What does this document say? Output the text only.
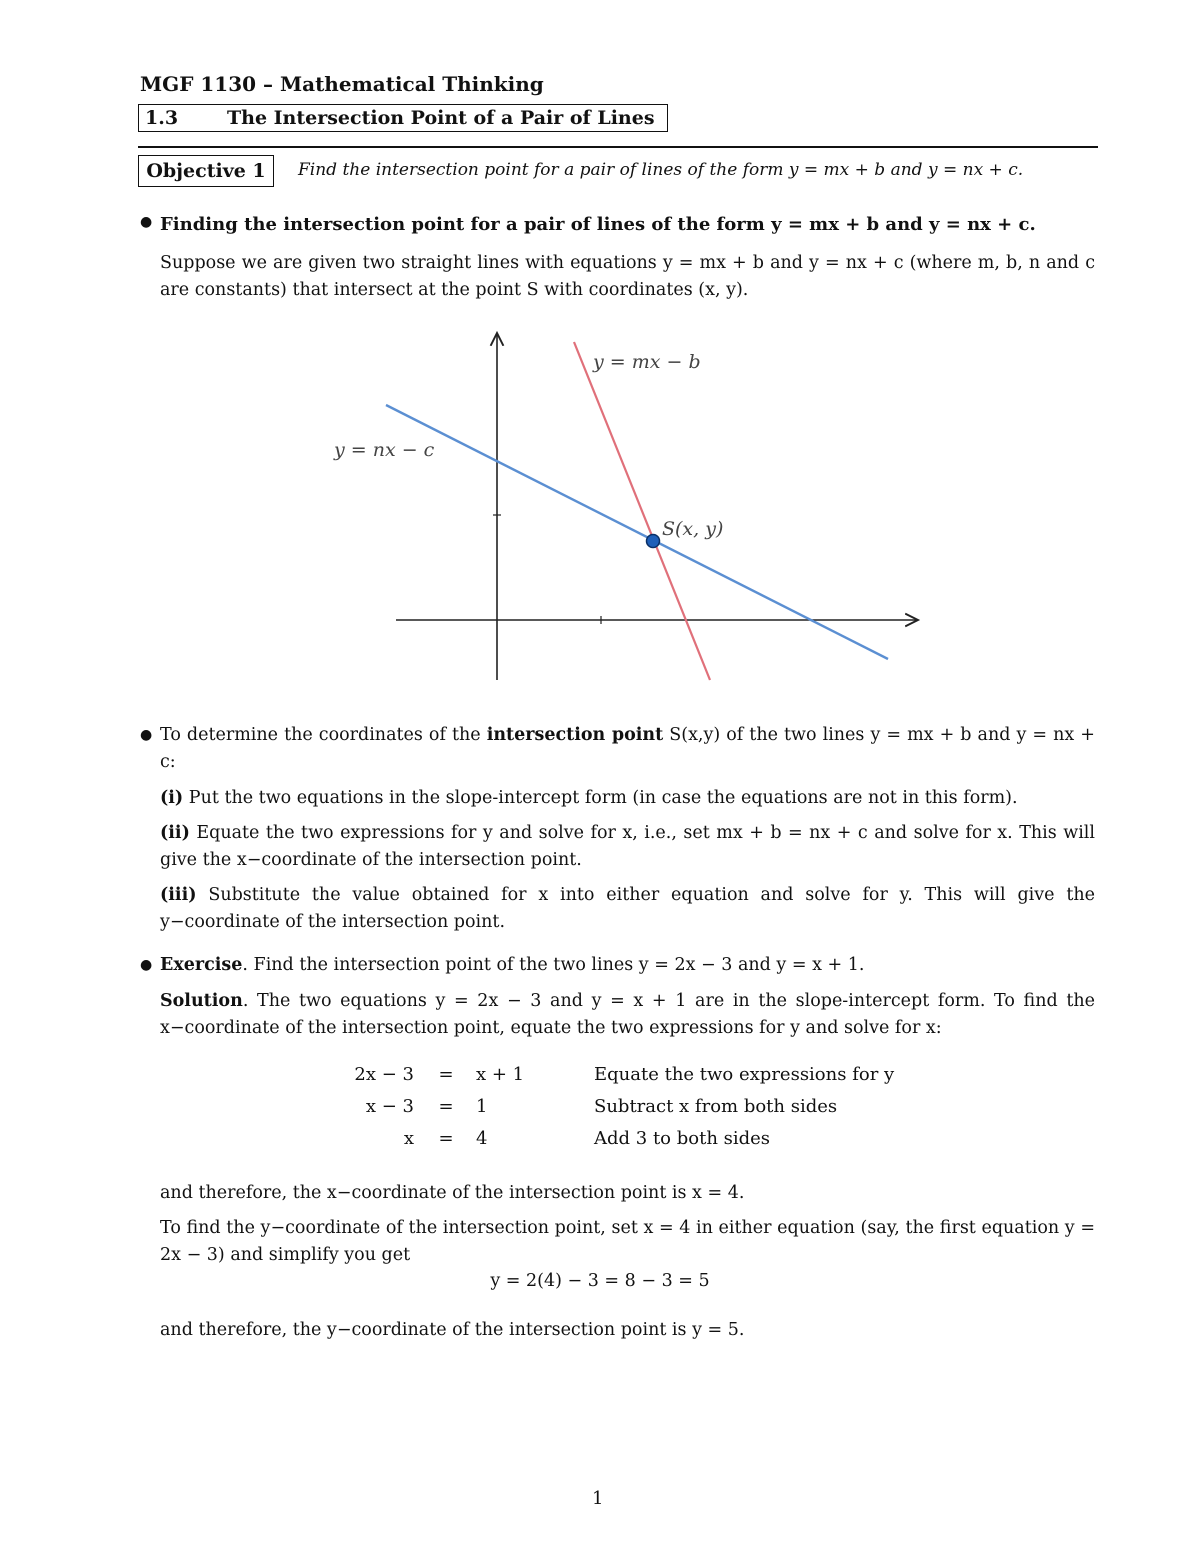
MGF 1130 – Mathematical Thinking
1.3	The Intersection Point of a Pair of Lines
Objective 1	Find the intersection point for a pair of lines of the form y = mx + b and y = nx + c.
● Finding the intersection point for a pair of lines of the form y = mx + b and y = nx + c.
Suppose we are given two straight lines with equations y = mx + b and y = nx + c (where m, b, n and c are constants) that intersect at the point S with coordinates (x, y).
y = mx − b
y = nx − c
S(x, y)
● To determine the coordinates of the intersection point S(x,y) of the two lines y = mx + b and y = nx + c:
(i) Put the two equations in the slope-intercept form (in case the equations are not in this form).
(ii) Equate the two expressions for y and solve for x, i.e., set mx + b = nx + c and solve for x. This will give the x−coordinate of the intersection point.
(iii) Substitute the value obtained for x into either equation and solve for y. This will give the y−coordinate of the intersection point.
● Exercise. Find the intersection point of the two lines y = 2x − 3 and y = x + 1.
Solution. The two equations y = 2x − 3 and y = x + 1 are in the slope-intercept form. To find the x−coordinate of the intersection point, equate the two expressions for y and solve for x:
2x − 3 = x + 1	Equate the two expressions for y
x − 3 = 1	Subtract x from both sides
x = 4	Add 3 to both sides
and therefore, the x−coordinate of the intersection point is x = 4.
To find the y−coordinate of the intersection point, set x = 4 in either equation (say, the first equation y = 2x − 3) and simplify you get
y = 2(4) − 3 = 8 − 3 = 5
and therefore, the y−coordinate of the intersection point is y = 5.
1
